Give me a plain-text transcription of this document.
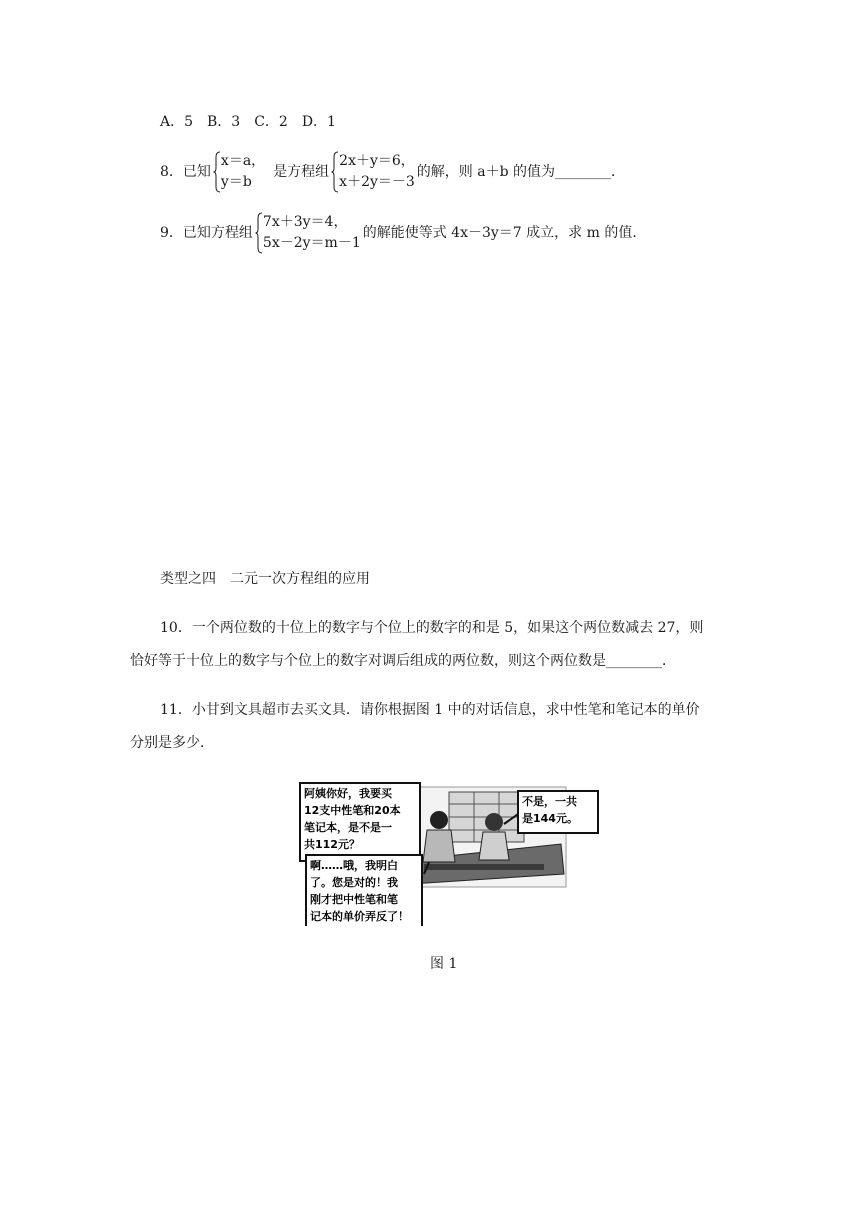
A．5　B．3　C．2　D．1
8．已知
x＝a，
y＝b
是方程组
2x＋y＝6，
x＋2y＝－3
的解，则 a＋b 的值为________．
9．已知方程组
7x＋3y＝4，
5x－2y＝m－1
的解能使等式 4x－3y＝7 成立，求 m 的值．
类型之四　二元一次方程组的应用
10．一个两位数的十位上的数字与个位上的数字的和是 5，如果这个两位数减去 27，则
恰好等于十位上的数字与个位上的数字对调后组成的两位数，则这个两位数是________．
11．小甘到文具超市去买文具．请你根据图 1 中的对话信息，求中性笔和笔记本的单价
分别是多少．
阿姨你好，我要买
12支中性笔和20本
笔记本，是不是一
共112元？
不是，一共
是144元。
啊……哦，我明白
了。您是对的！我
刚才把中性笔和笔
记本的单价弄反了！
图 1
